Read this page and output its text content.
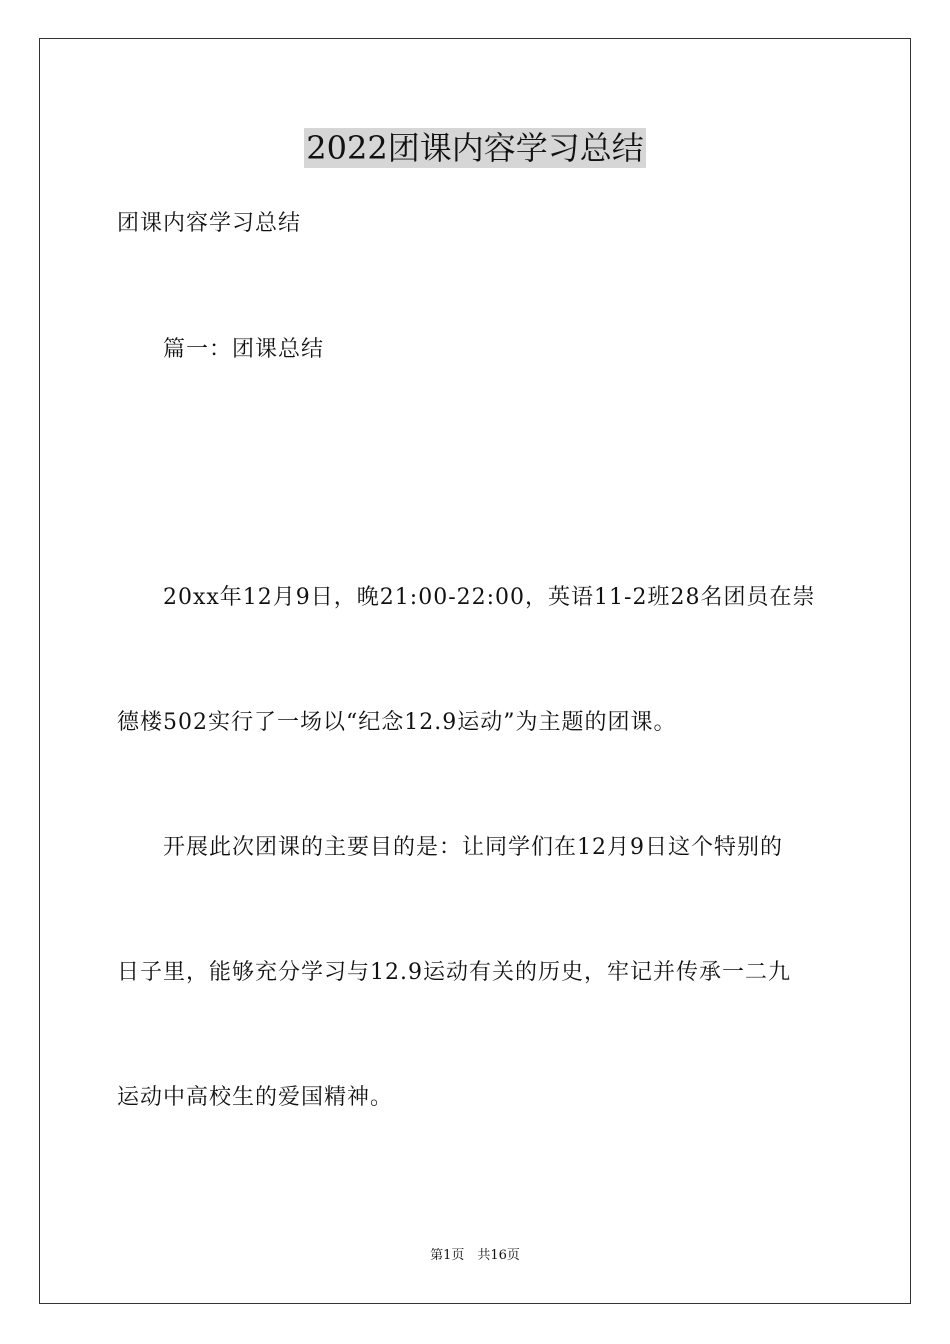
2022团课内容学习总结
团课内容学习总结
篇一：团课总结
20xx年12月9日，晚21:00-22:00，英语11-2班28名团员在崇
德楼502实行了一场以“纪念12.9运动”为主题的团课。
开展此次团课的主要目的是：让同学们在12月9日这个特别的
日子里，能够充分学习与12.9运动有关的历史，牢记并传承一二九
运动中高校生的爱国精神。
第1页　共16页
